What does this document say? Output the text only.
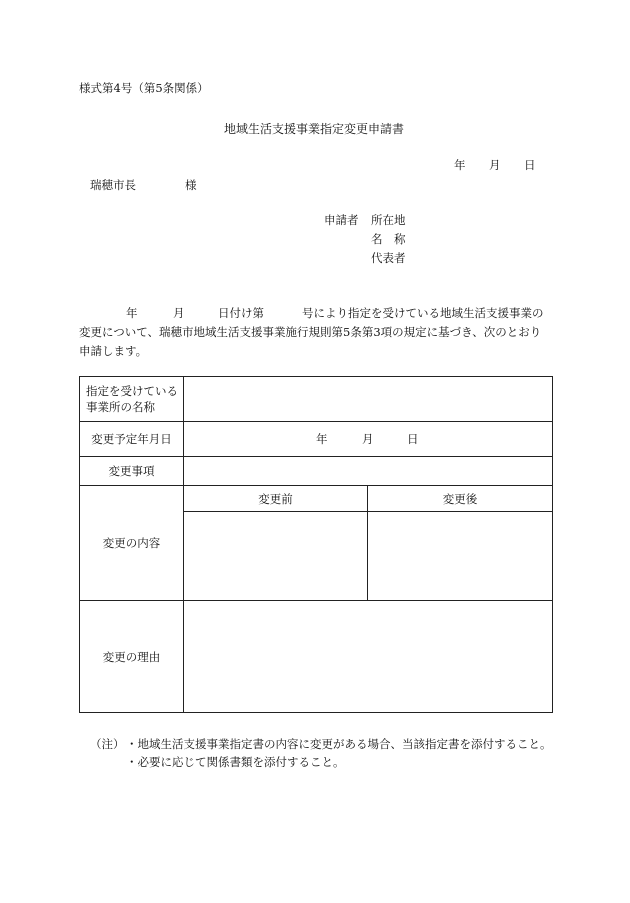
様式第4号（第5条関係）
地域生活支援事業指定変更申請書
年 月 日
瑞穂市長	様
申請者 所在地
名　称
代表者
年	月	日付け第	号により指定を受けている地域生活支援事業の
変更について、瑞穂市地域生活支援事業施行規則第5条第3項の規定に基づき、次のとおり
申請します。
指定を受けている
事業所の名称		

変更予定年月日	年 月 日	

変更事項		
変更の内容	変更前	変更後

変更の理由		
（注） ・地域生活支援事業指定書の内容に変更がある場合、当該指定書を添付すること。
・必要に応じて関係書類を添付すること。
